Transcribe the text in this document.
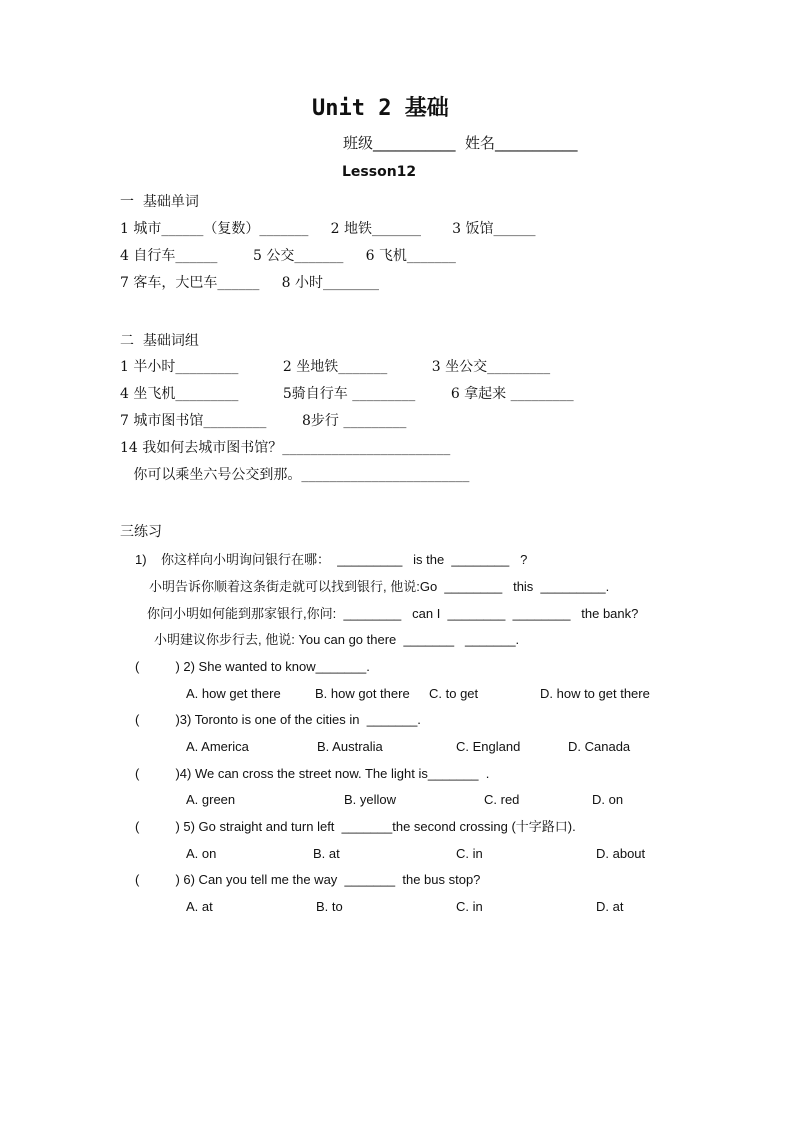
Unit 2 基础
班级___________  姓名___________
Lesson12
一  基础单词
1 城市______（复数）_______     2 地铁_______       3 饭馆______
4 自行车______        5 公交_______     6 飞机_______
7 客车，大巴车______     8 小时________
二  基础词组
1 半小时_________          2 坐地铁_______          3 坐公交_________
4 坐飞机_________          5骑自行车 _________        6 拿起来 _________
7 城市图书馆_________        8步行 _________
14 我如何去城市图书馆？________________________
你可以乘坐六号公交到那。________________________
三练习
1)    你这样向小明询问银行在哪：  _________   is the  ________   ?
小明告诉你顺着这条街走就可以找到银行, 他说:Go  ________   this  _________.
你问小明如何能到那家银行,你问:  ________   can I  ________  ________   the bank?
小明建议你步行去, 他说: You can go there  _______   _______.
(          ) 2) She wanted to know_______.
A. how get there	B. how got there C. to get	D. how to get there
(          )3) Toronto is one of the cities in  _______.
A. America	B. Australia	C. England	D. Canada
(          )4) We can cross the street now. The light is_______  .
A. green	B. yellow	C. red	D. on
(          ) 5) Go straight and turn left  _______the second crossing (十字路口).
A. on	B. at	C. in	D. about
(          ) 6) Can you tell me the way  _______  the bus stop?
A. at	B. to	C. in	D. at
